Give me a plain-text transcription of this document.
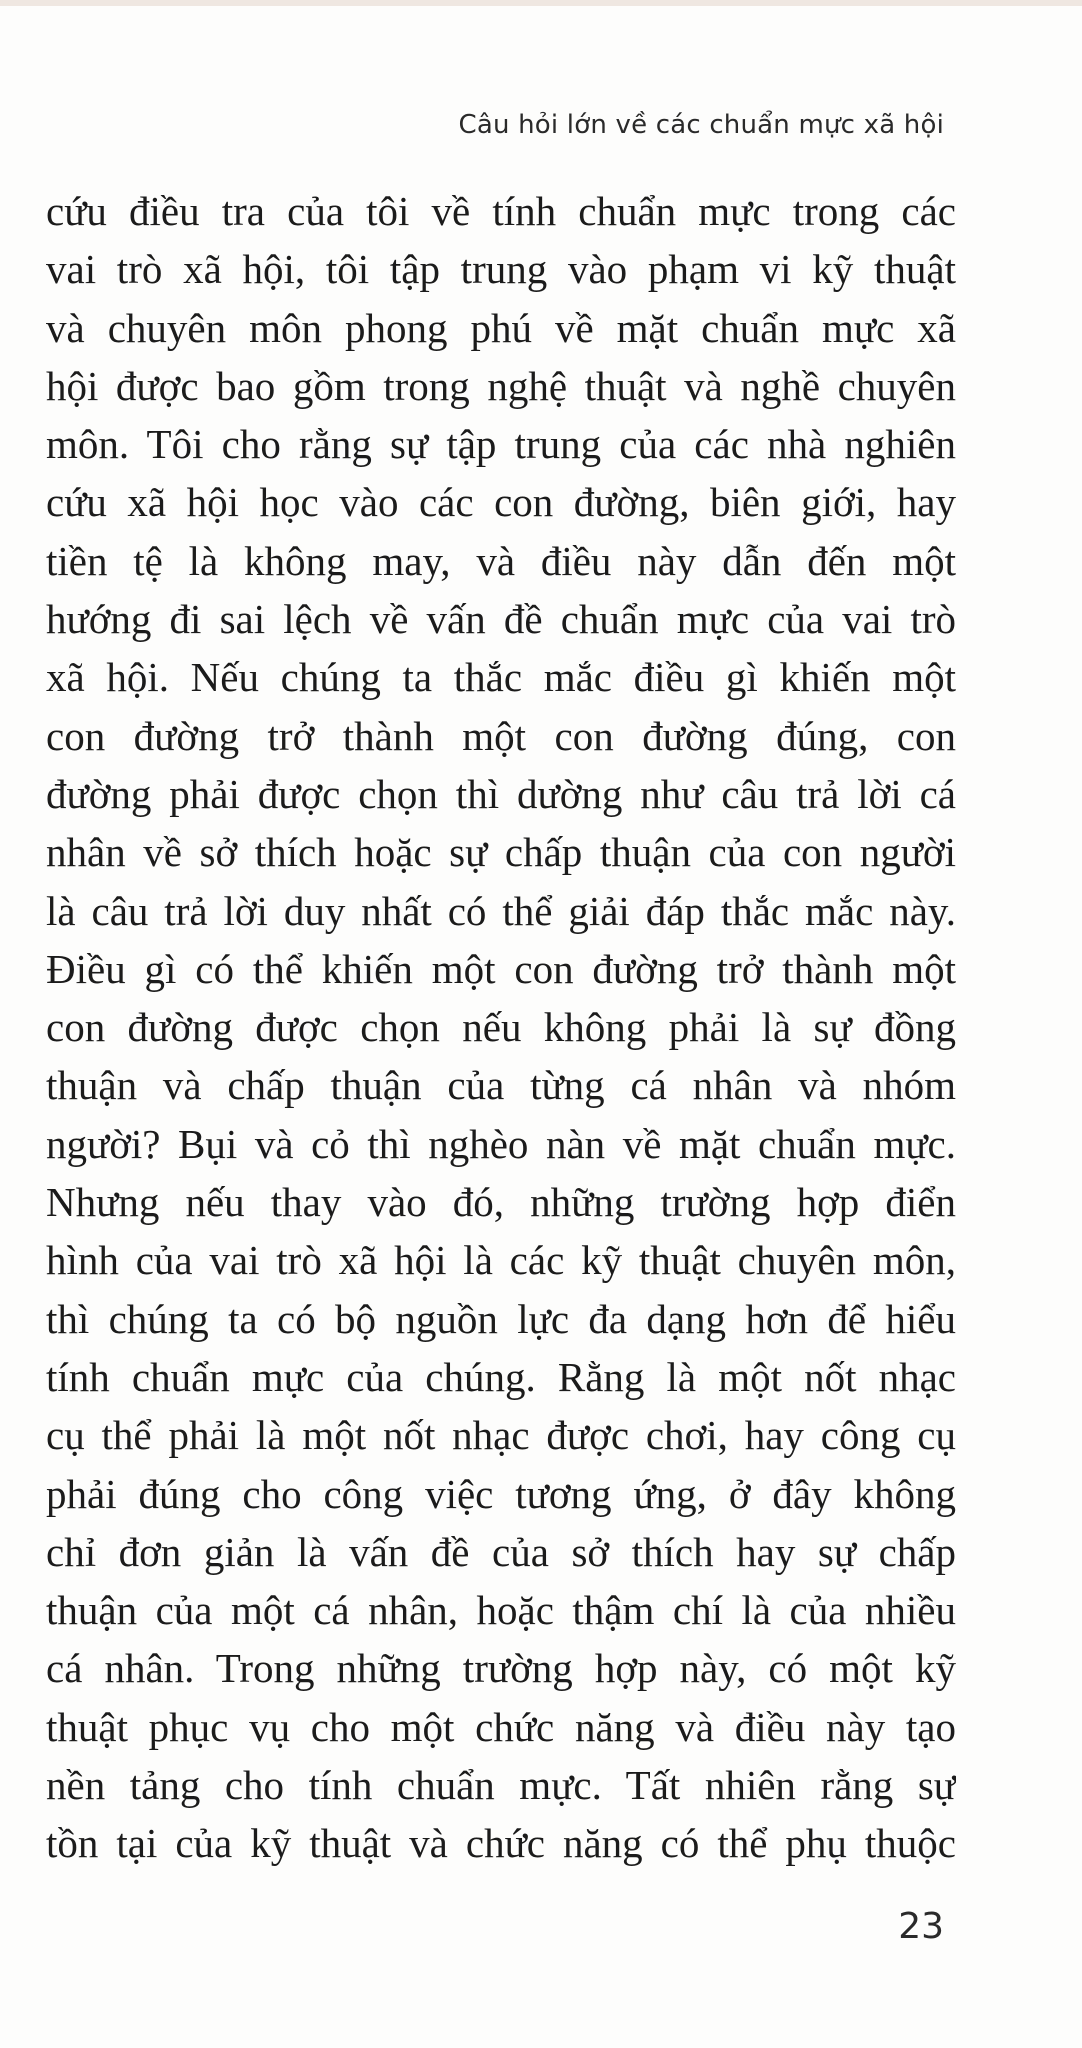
Câu hỏi lớn về các chuẩn mực xã hội
cứu điều tra của tôi về tính chuẩn mực trong các
vai trò xã hội, tôi tập trung vào phạm vi kỹ thuật
và chuyên môn phong phú về mặt chuẩn mực xã
hội được bao gồm trong nghệ thuật và nghề chuyên
môn. Tôi cho rằng sự tập trung của các nhà nghiên
cứu xã hội học vào các con đường, biên giới, hay
tiền tệ là không may, và điều này dẫn đến một
hướng đi sai lệch về vấn đề chuẩn mực của vai trò
xã hội. Nếu chúng ta thắc mắc điều gì khiến một
con đường trở thành một con đường đúng, con
đường phải được chọn thì dường như câu trả lời cá
nhân về sở thích hoặc sự chấp thuận của con người
là câu trả lời duy nhất có thể giải đáp thắc mắc này.
Điều gì có thể khiến một con đường trở thành một
con đường được chọn nếu không phải là sự đồng
thuận và chấp thuận của từng cá nhân và nhóm
người? Bụi và cỏ thì nghèo nàn về mặt chuẩn mực.
Nhưng nếu thay vào đó, những trường hợp điển
hình của vai trò xã hội là các kỹ thuật chuyên môn,
thì chúng ta có bộ nguồn lực đa dạng hơn để hiểu
tính chuẩn mực của chúng. Rằng là một nốt nhạc
cụ thể phải là một nốt nhạc được chơi, hay công cụ
phải đúng cho công việc tương ứng, ở đây không
chỉ đơn giản là vấn đề của sở thích hay sự chấp
thuận của một cá nhân, hoặc thậm chí là của nhiều
cá nhân. Trong những trường hợp này, có một kỹ
thuật phục vụ cho một chức năng và điều này tạo
nền tảng cho tính chuẩn mực. Tất nhiên rằng sự
tồn tại của kỹ thuật và chức năng có thể phụ thuộc
23
